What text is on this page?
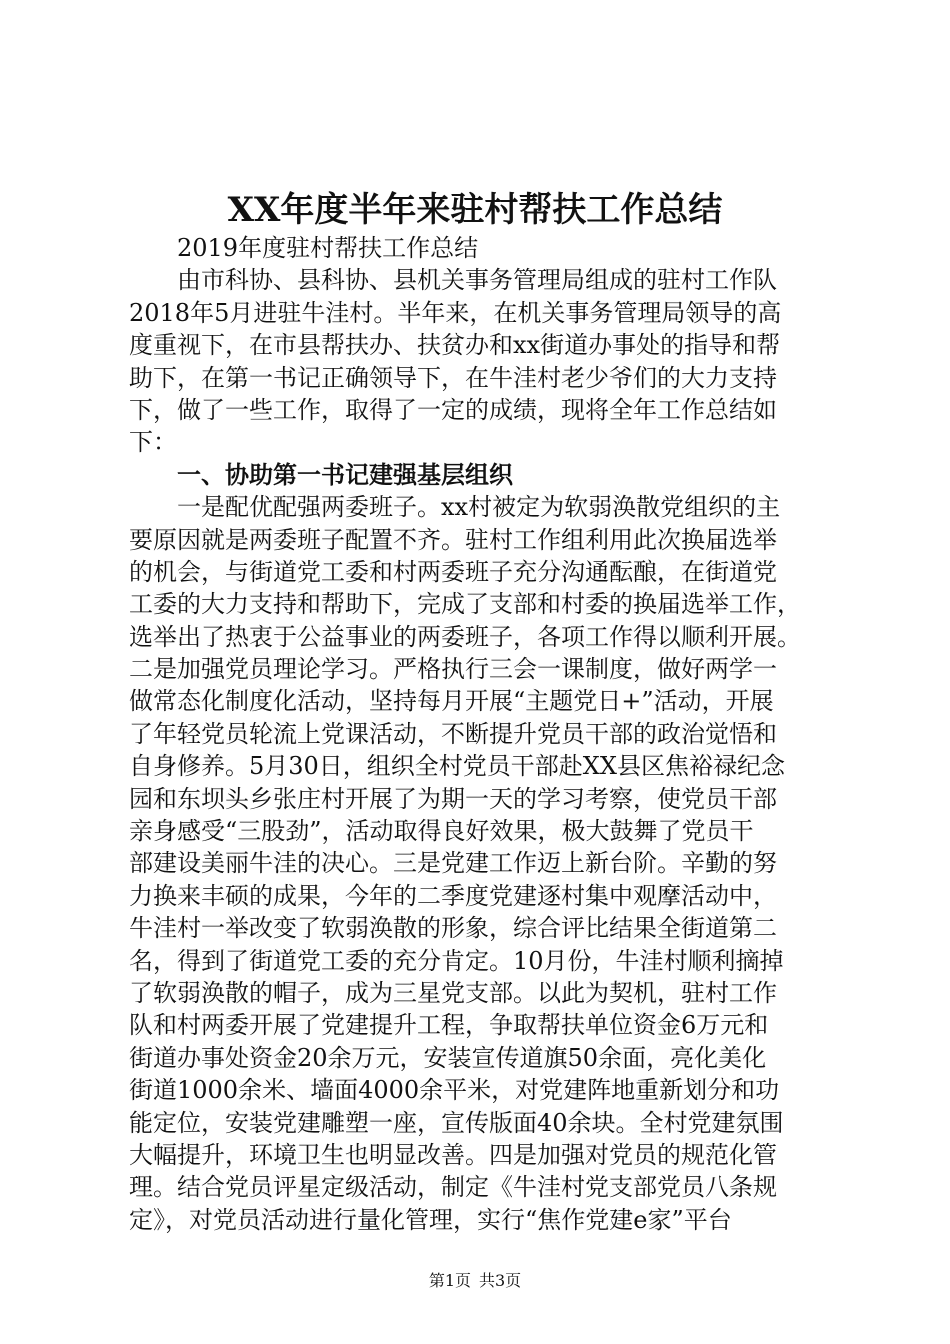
XX年度半年来驻村帮扶工作总结

2019年度驻村帮扶工作总结

由市科协、县科协、县机关事务管理局组成的驻村工作队

2018年5月进驻牛洼村。半年来，在机关事务管理局领导的高

度重视下，在市县帮扶办、扶贫办和xx街道办事处的指导和帮

助下，在第一书记正确领导下，在牛洼村老少爷们的大力支持

下，做了一些工作，取得了一定的成绩，现将全年工作总结如

下：

一、协助第一书记建强基层组织

一是配优配强两委班子。xx村被定为软弱涣散党组织的主

要原因就是两委班子配置不齐。驻村工作组利用此次换届选举

的机会，与街道党工委和村两委班子充分沟通酝酿，在街道党

工委的大力支持和帮助下，完成了支部和村委的换届选举工作，

选举出了热衷于公益事业的两委班子，各项工作得以顺利开展。

二是加强党员理论学习。严格执行三会一课制度，做好两学一

做常态化制度化活动，坚持每月开展“主题党日+”活动，开展

了年轻党员轮流上党课活动，不断提升党员干部的政治觉悟和

自身修养。5月30日，组织全村党员干部赴XX县区焦裕禄纪念

园和东坝头乡张庄村开展了为期一天的学习考察，使党员干部

亲身感受“三股劲”，活动取得良好效果，极大鼓舞了党员干

部建设美丽牛洼的决心。三是党建工作迈上新台阶。辛勤的努

力换来丰硕的成果，今年的二季度党建逐村集中观摩活动中，

牛洼村一举改变了软弱涣散的形象，综合评比结果全街道第二

名，得到了街道党工委的充分肯定。10月份，牛洼村顺利摘掉

了软弱涣散的帽子，成为三星党支部。以此为契机，驻村工作

队和村两委开展了党建提升工程，争取帮扶单位资金6万元和

街道办事处资金20余万元，安装宣传道旗50余面，亮化美化

街道1000余米、墙面4000余平米，对党建阵地重新划分和功

能定位，安装党建雕塑一座，宣传版面40余块。全村党建氛围

大幅提升，环境卫生也明显改善。四是加强对党员的规范化管

理。结合党员评星定级活动，制定《牛洼村党支部党员八条规

定》，对党员活动进行量化管理，实行“焦作党建e家”平台

第1页 共3页
